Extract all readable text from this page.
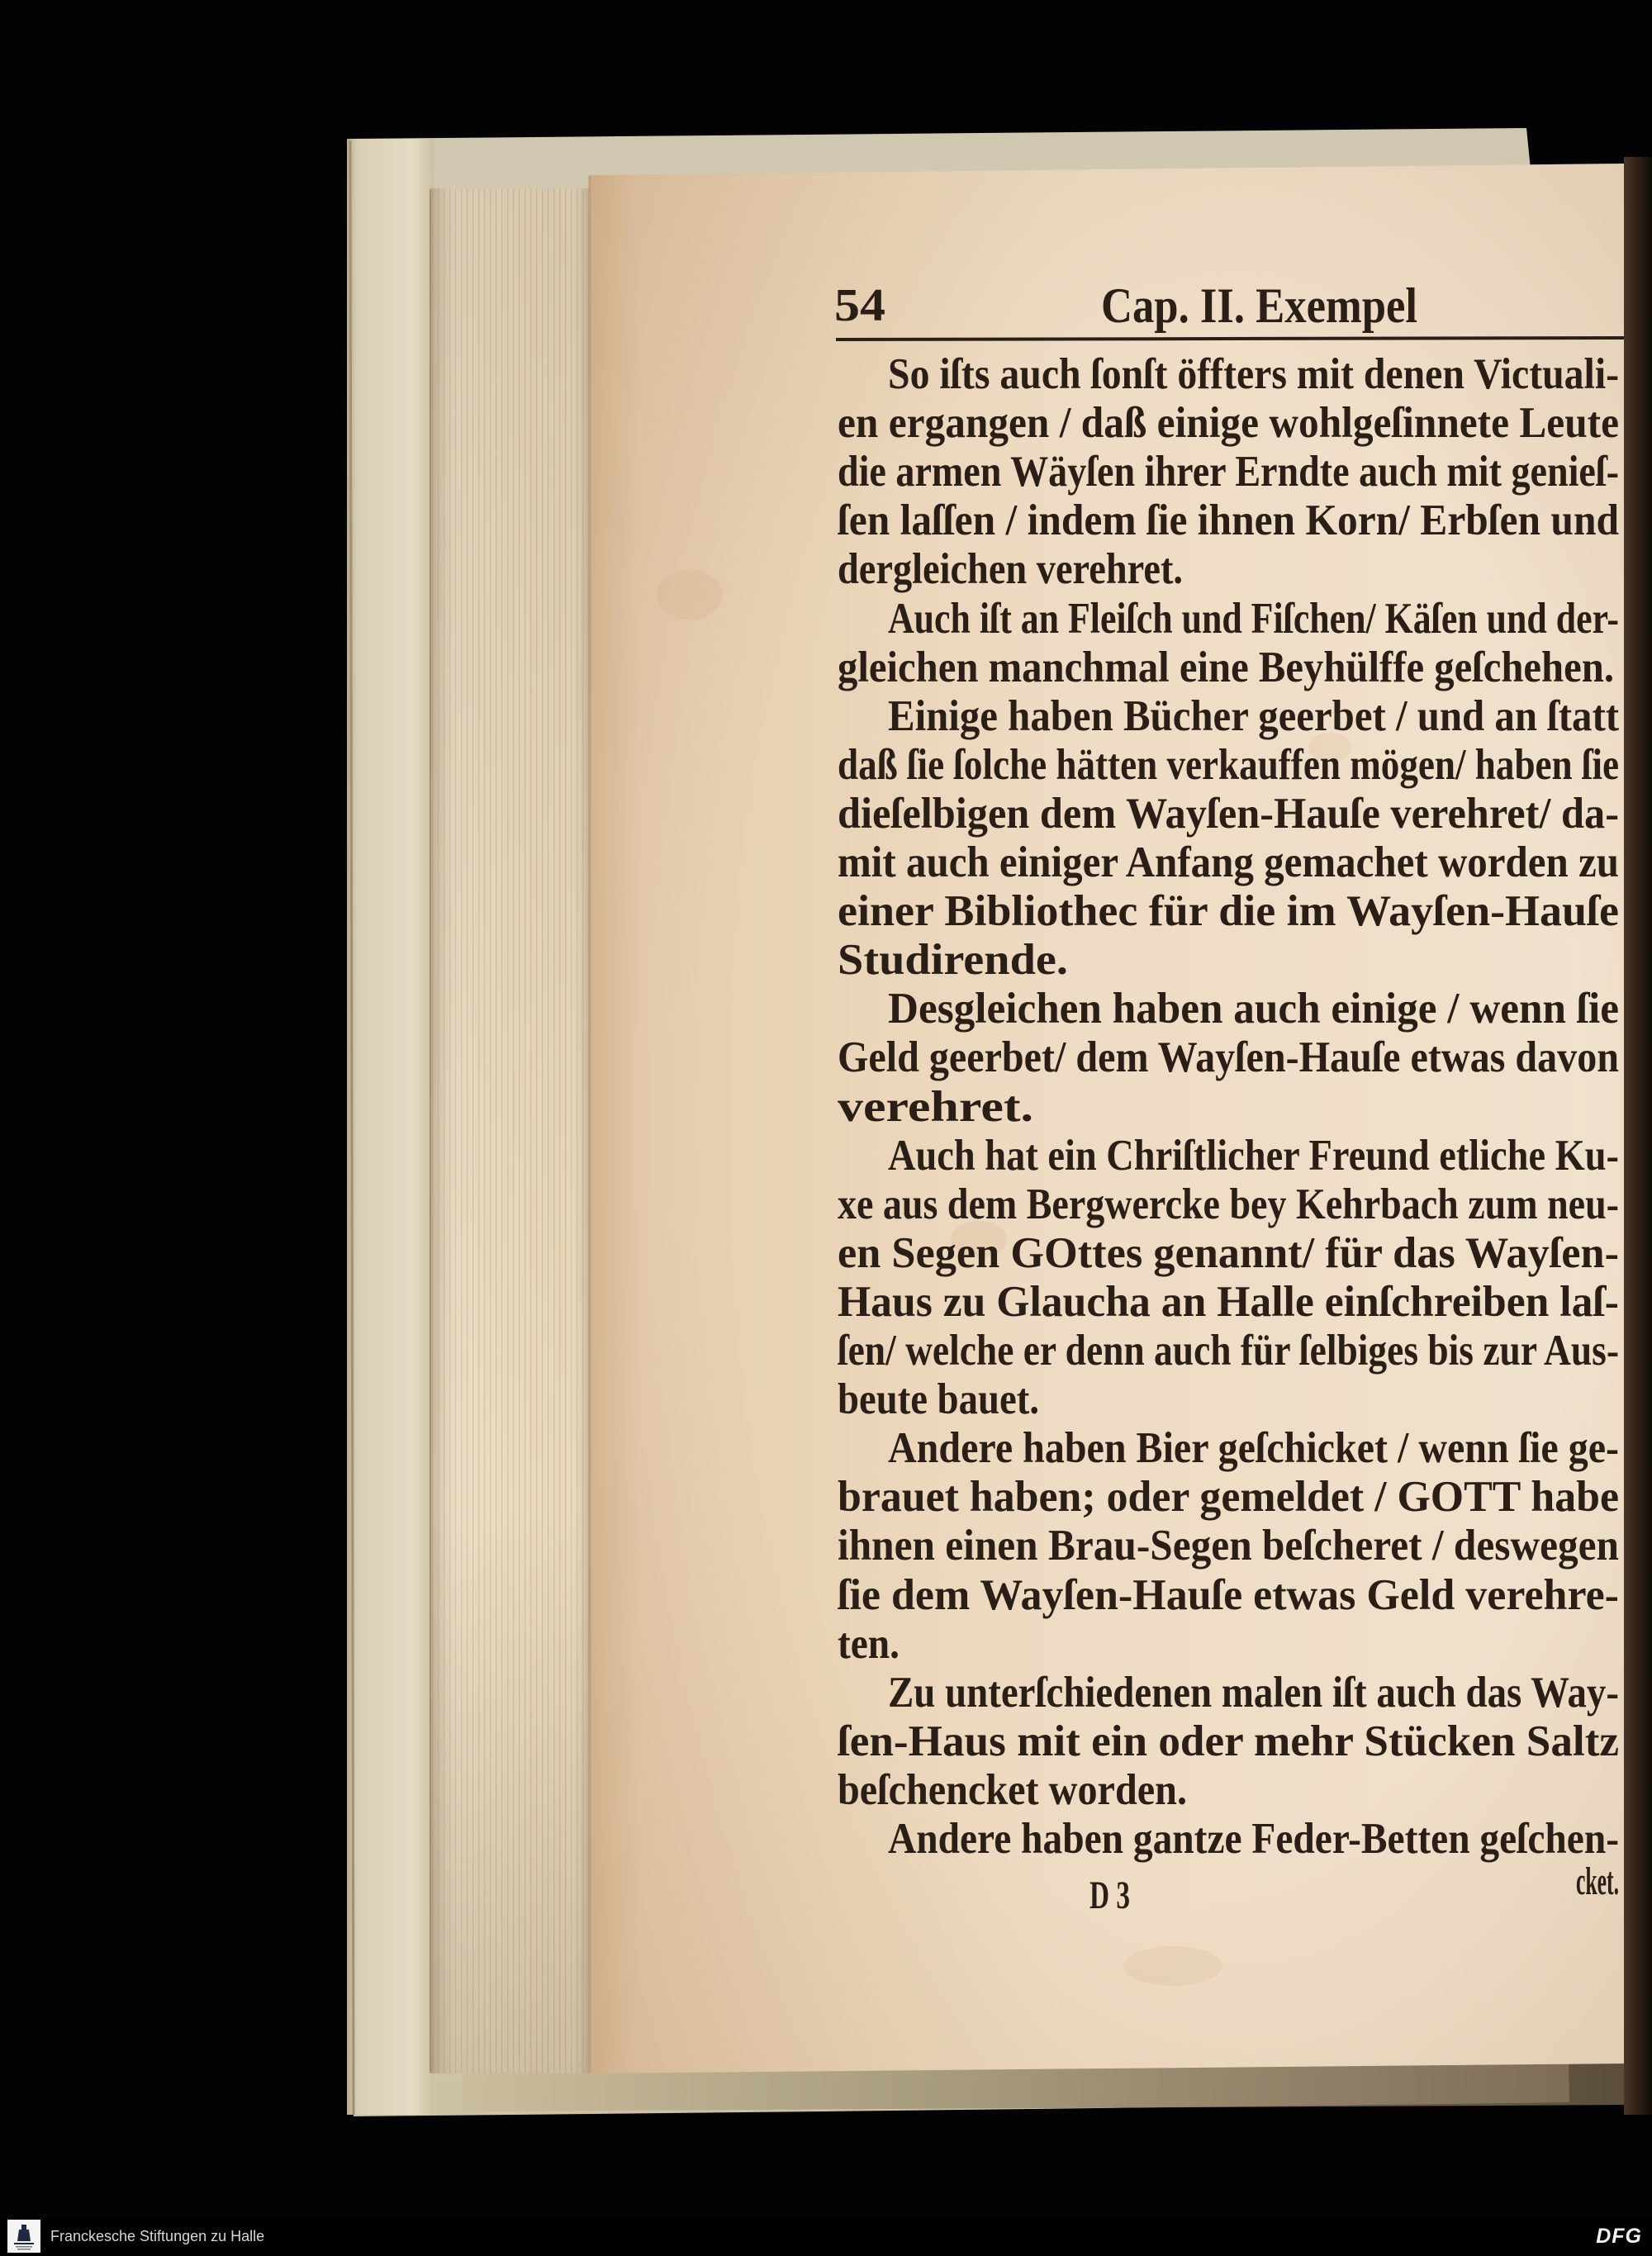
54	Cap. II. Exempel
So iſts auch ſonſt öffters mit denen Victuali-
en ergangen / daß einige wohlgeſinnete Leute
die armen Wäyſen ihrer Erndte auch mit genieſ-
ſen laſſen / indem ſie ihnen Korn/ Erbſen und
dergleichen verehret.
Auch iſt an Fleiſch und Fiſchen/ Käſen und der-
gleichen manchmal eine Beyhülffe geſchehen.
Einige haben Bücher geerbet / und an ſtatt
daß ſie ſolche hätten verkauffen mögen/ haben ſie
dieſelbigen dem Wayſen-Hauſe verehret/ da-
mit auch einiger Anfang gemachet worden zu
einer Bibliothec für die im Wayſen-Hauſe
Studirende.
Desgleichen haben auch einige / wenn ſie
Geld geerbet/ dem Wayſen-Hauſe etwas davon
verehret.
Auch hat ein Chriſtlicher Freund etliche Ku-
xe aus dem Bergwercke bey Kehrbach zum neu-
en Segen GOttes genannt/ für das Wayſen-
Haus zu Glaucha an Halle einſchreiben laſ-
ſen/ welche er denn auch für ſelbiges bis zur Aus-
beute bauet.
Andere haben Bier geſchicket / wenn ſie ge-
brauet haben; oder gemeldet / GOTT habe
ihnen einen Brau-Segen beſcheret / deswegen
ſie dem Wayſen-Hauſe etwas Geld verehre-
ten.
Zu unterſchiedenen malen iſt auch das Way-
ſen-Haus mit ein oder mehr Stücken Saltz
beſchencket worden.
Andere haben gantze Feder-Betten geſchen-
D 3	cket.
Franckesche Stiftungen zu Halle	DFG
